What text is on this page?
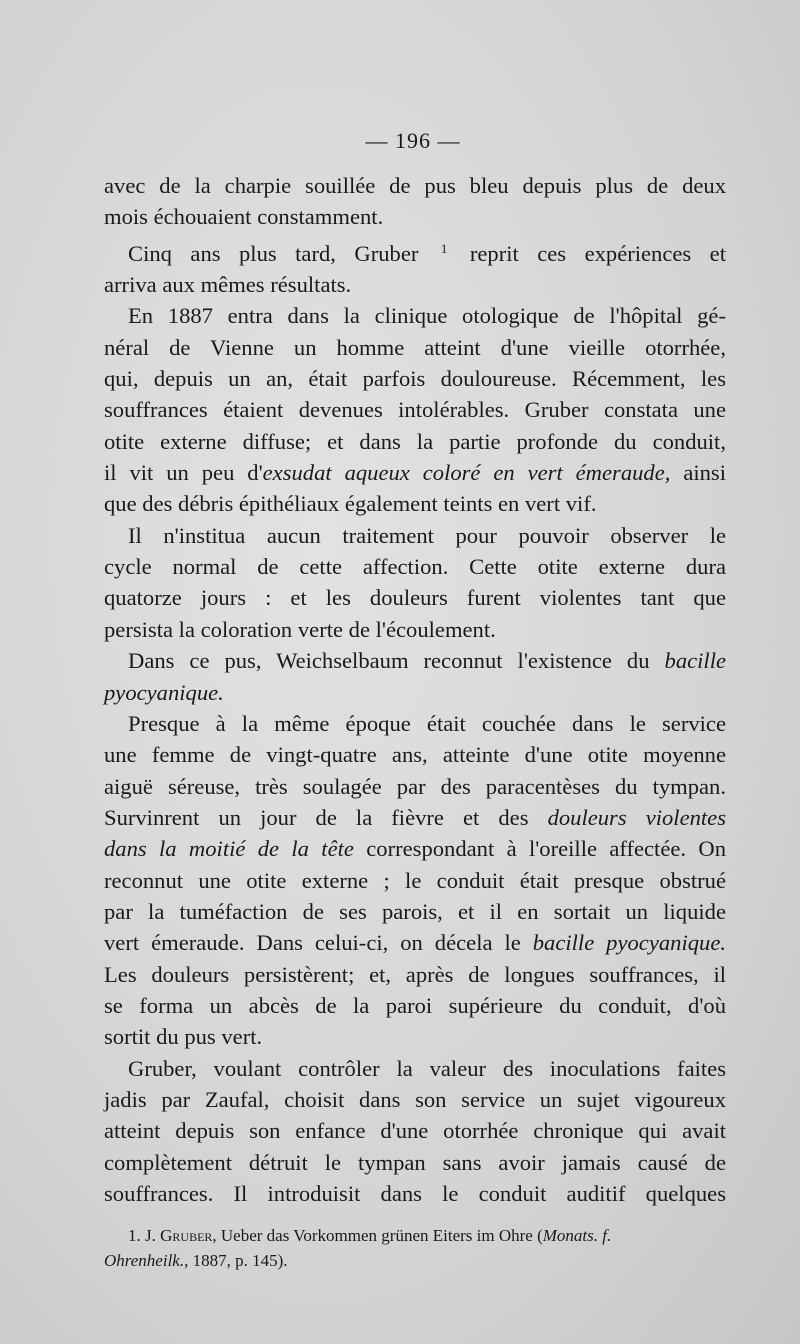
— 196 —
avec de la charpie souillée de pus bleu depuis plus de deux
mois échouaient constamment.
Cinq ans plus tard, Gruber $^1$ reprit ces expériences et
arriva aux mêmes résultats.
En 1887 entra dans la clinique otologique de l'hôpital gé-
néral de Vienne un homme atteint d'une vieille otorrhée,
qui, depuis un an, était parfois douloureuse. Récemment, les
souffrances étaient devenues intolérables. Gruber constata une
otite externe diffuse; et dans la partie profonde du conduit,
il vit un peu d'exsudat aqueux coloré en vert émeraude, ainsi
que des débris épithéliaux également teints en vert vif.
Il n'institua aucun traitement pour pouvoir observer le
cycle normal de cette affection. Cette otite externe dura
quatorze jours : et les douleurs furent violentes tant que
persista la coloration verte de l'écoulement.
Dans ce pus, Weichselbaum reconnut l'existence du bacille
pyocyanique.
Presque à la même époque était couchée dans le service
une femme de vingt-quatre ans, atteinte d'une otite moyenne
aiguë séreuse, très soulagée par des paracentèses du tympan.
Survinrent un jour de la fièvre et des douleurs violentes
dans la moitié de la tête correspondant à l'oreille affectée. On
reconnut une otite externe ; le conduit était presque obstrué
par la tuméfaction de ses parois, et il en sortait un liquide
vert émeraude. Dans celui-ci, on décela le bacille pyocyanique.
Les douleurs persistèrent; et, après de longues souffrances, il
se forma un abcès de la paroi supérieure du conduit, d'où
sortit du pus vert.
Gruber, voulant contrôler la valeur des inoculations faites
jadis par Zaufal, choisit dans son service un sujet vigoureux
atteint depuis son enfance d'une otorrhée chronique qui avait
complètement détruit le tympan sans avoir jamais causé de
souffrances. Il introduisit dans le conduit auditif quelques
1. J. Gruber, Ueber das Vorkommen grünen Eiters im Ohre (Monats. f.
Ohrenheilk., 1887, p. 145).
